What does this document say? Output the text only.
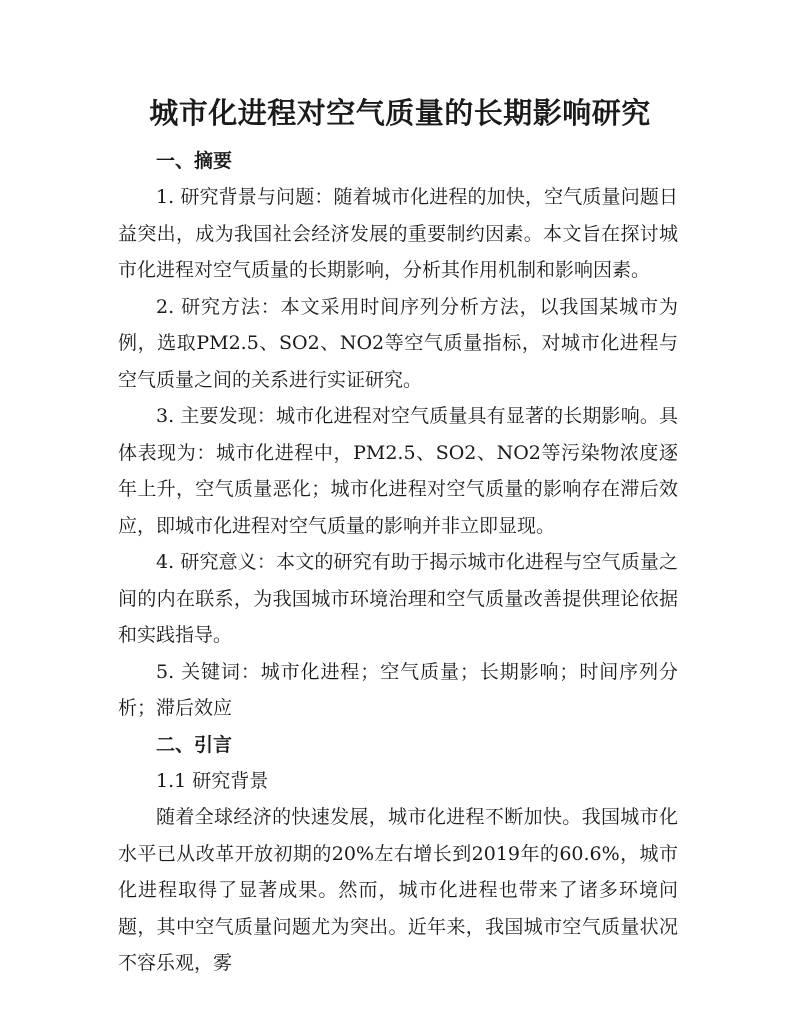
城市化进程对空气质量的长期影响研究

一、摘要

1. 研究背景与问题：随着城市化进程的加快，空气质量问题日益突出，成为我国社会经济发展的重要制约因素。本文旨在探讨城市化进程对空气质量的长期影响，分析其作用机制和影响因素。

2. 研究方法：本文采用时间序列分析方法，以我国某城市为例，选取PM2.5、SO2、NO2等空气质量指标，对城市化进程与空气质量之间的关系进行实证研究。

3. 主要发现：城市化进程对空气质量具有显著的长期影响。具体表现为：城市化进程中，PM2.5、SO2、NO2等污染物浓度逐年上升，空气质量恶化；城市化进程对空气质量的影响存在滞后效应，即城市化进程对空气质量的影响并非立即显现。

4. 研究意义：本文的研究有助于揭示城市化进程与空气质量之间的内在联系，为我国城市环境治理和空气质量改善提供理论依据和实践指导。

5. 关键词：城市化进程；空气质量；长期影响；时间序列分析；滞后效应

二、引言

1.1 研究背景

随着全球经济的快速发展，城市化进程不断加快。我国城市化水平已从改革开放初期的20%左右增长到2019年的60.6%，城市化进程取得了显著成果。然而，城市化进程也带来了诸多环境问题，其中空气质量问题尤为突出。近年来，我国城市空气质量状况不容乐观，雾
